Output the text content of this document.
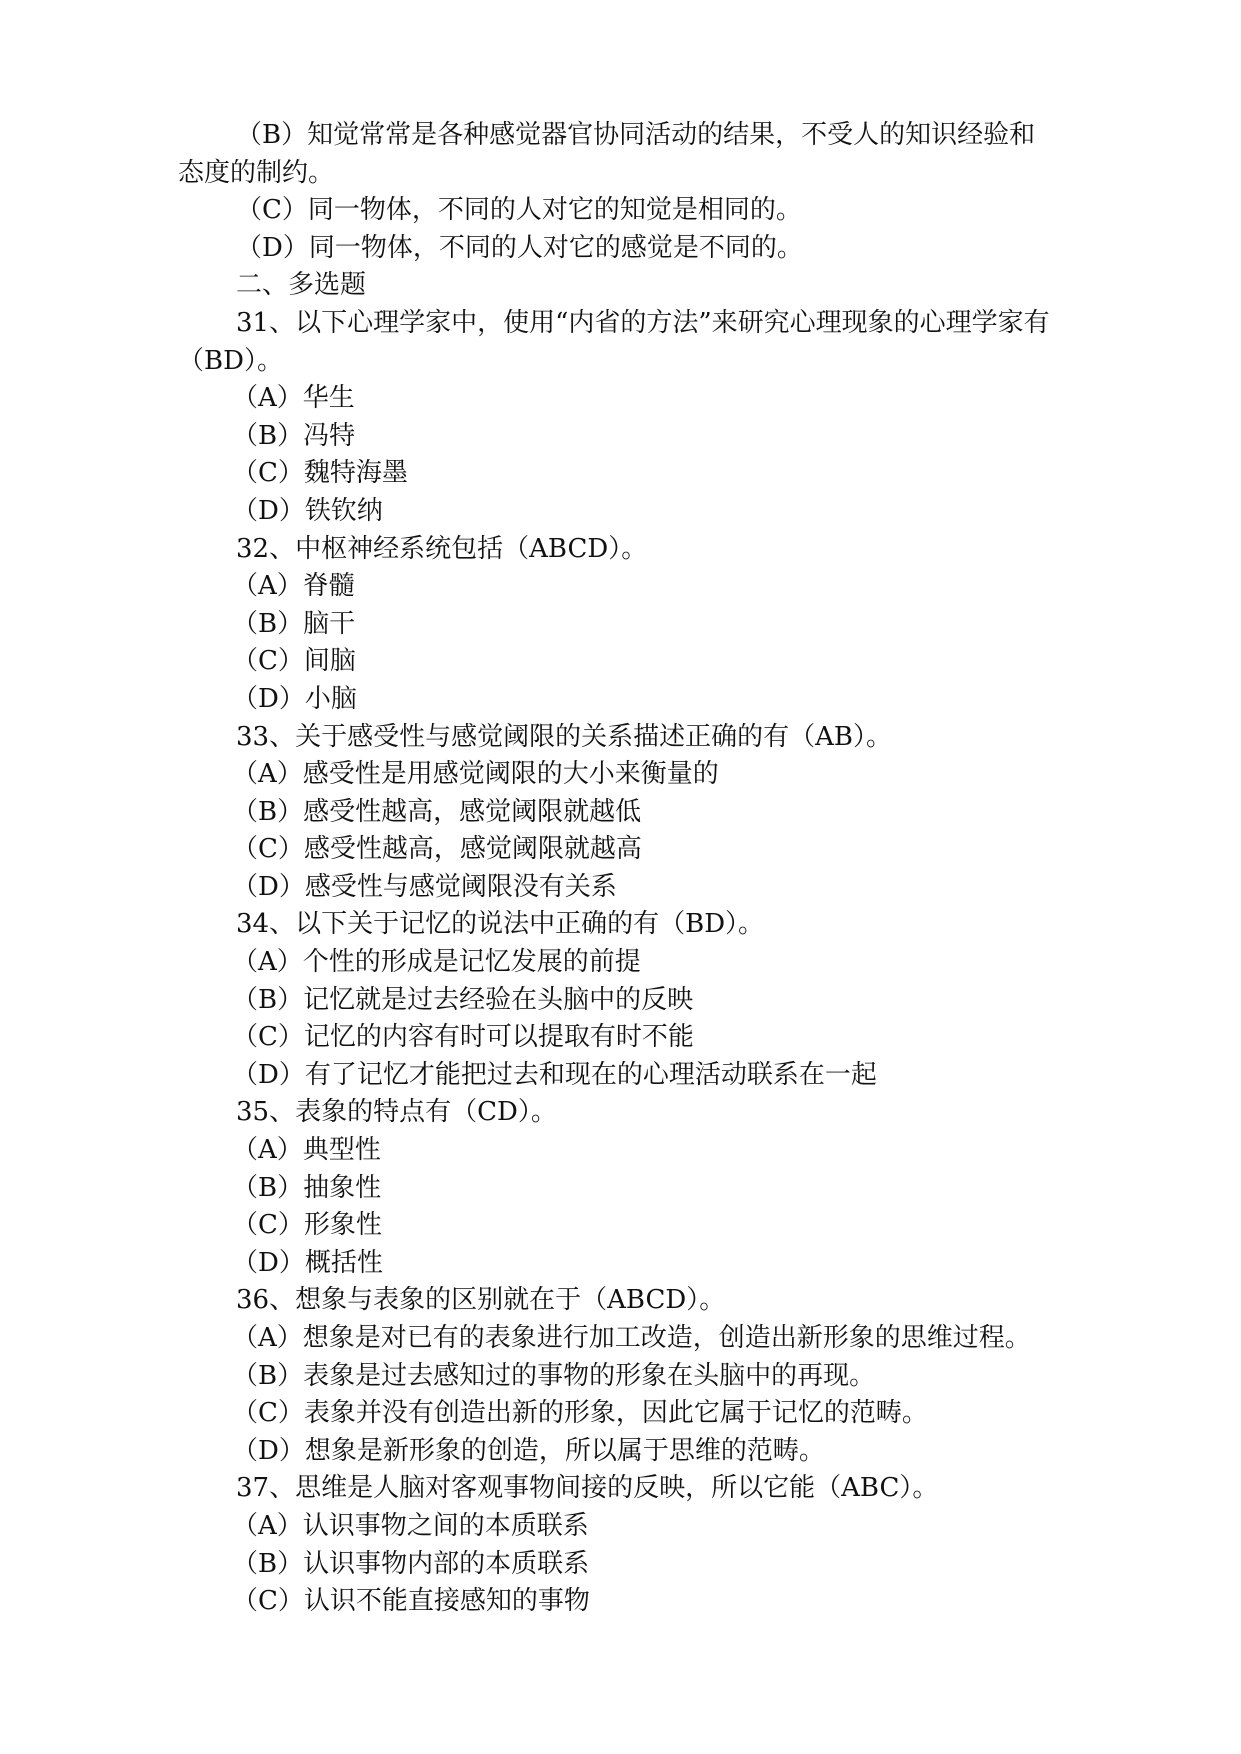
（B）知觉常常是各种感觉器官协同活动的结果，不受人的知识经验和
态度的制约。
（C）同一物体，不同的人对它的知觉是相同的。
（D）同一物体，不同的人对它的感觉是不同的。
二、多选题
31、以下心理学家中，使用“内省的方法”来研究心理现象的心理学家有
（BD）。
（A）华生
（B）冯特
（C）魏特海墨
（D）铁钦纳
32、中枢神经系统包括（ABCD）。
（A）脊髓
（B）脑干
（C）间脑
（D）小脑
33、关于感受性与感觉阈限的关系描述正确的有（AB）。
（A）感受性是用感觉阈限的大小来衡量的
（B）感受性越高，感觉阈限就越低
（C）感受性越高，感觉阈限就越高
（D）感受性与感觉阈限没有关系
34、以下关于记忆的说法中正确的有（BD）。
（A）个性的形成是记忆发展的前提
（B）记忆就是过去经验在头脑中的反映
（C）记忆的内容有时可以提取有时不能
（D）有了记忆才能把过去和现在的心理活动联系在一起
35、表象的特点有（CD）。
（A）典型性
（B）抽象性
（C）形象性
（D）概括性
36、想象与表象的区别就在于（ABCD）。
（A）想象是对已有的表象进行加工改造，创造出新形象的思维过程。
（B）表象是过去感知过的事物的形象在头脑中的再现。
（C）表象并没有创造出新的形象，因此它属于记忆的范畴。
（D）想象是新形象的创造，所以属于思维的范畴。
37、思维是人脑对客观事物间接的反映，所以它能（ABC）。
（A）认识事物之间的本质联系
（B）认识事物内部的本质联系
（C）认识不能直接感知的事物
